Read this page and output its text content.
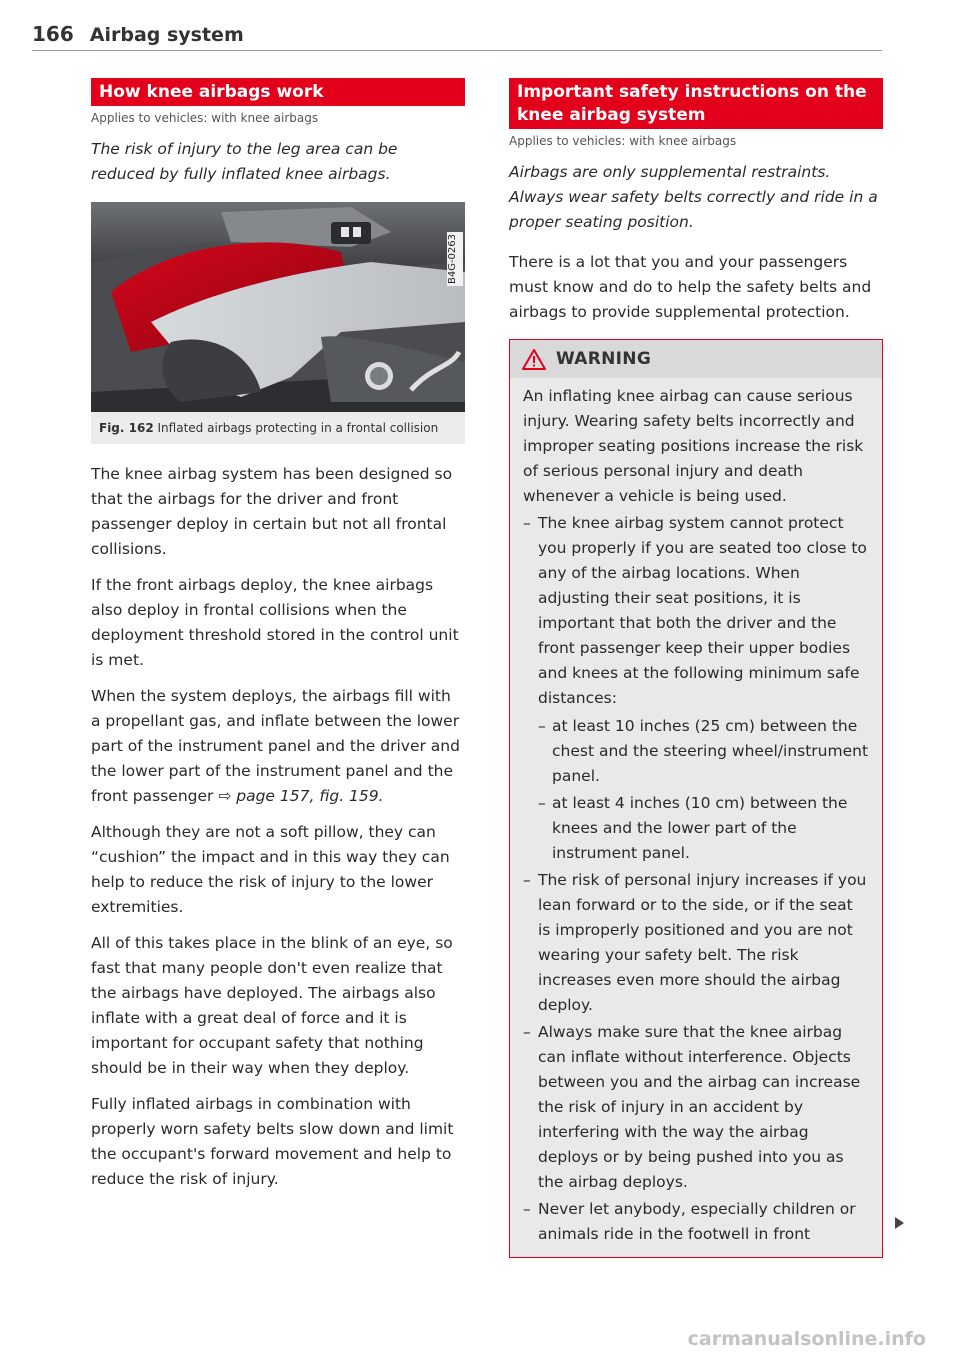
166 Airbag system
How knee airbags work
Applies to vehicles: with knee airbags

The risk of injury to the leg area can be reduced by fully inflated knee airbags.

B4G-0263
Fig. 162 Inflated airbags protecting in a frontal collision

The knee airbag system has been designed so that the airbags for the driver and front passenger deploy in certain but not all frontal collisions.

If the front airbags deploy, the knee airbags also deploy in frontal collisions when the deployment threshold stored in the control unit is met.

When the system deploys, the airbags fill with a propellant gas, and inflate between the lower part of the instrument panel and the driver and the lower part of the instrument panel and the front passenger ⇨ page 157, fig. 159.

Although they are not a soft pillow, they can “cushion” the impact and in this way they can help to reduce the risk of injury to the lower extremities.

All of this takes place in the blink of an eye, so fast that many people don't even realize that the airbags have deployed. The airbags also inflate with a great deal of force and it is important for occupant safety that nothing should be in their way when they deploy.

Fully inflated airbags in combination with properly worn safety belts slow down and limit the occupant's forward movement and help to reduce the risk of injury.

Important safety instructions on the knee airbag system
Applies to vehicles: with knee airbags

Airbags are only supplemental restraints. Always wear safety belts correctly and ride in a proper seating position.

There is a lot that you and your passengers must know and do to help the safety belts and airbags to provide supplemental protection.

WARNING

An inflating knee airbag can cause serious injury. Wearing safety belts incorrectly and improper seating positions increase the risk of serious personal injury and death whenever a vehicle is being used.

– The knee airbag system cannot protect you properly if you are seated too close to any of the airbag locations. When adjusting their seat positions, it is important that both the driver and the front passenger keep their upper bodies and knees at the following minimum safe distances:
– at least 10 inches (25 cm) between the chest and the steering wheel/instrument panel.
– at least 4 inches (10 cm) between the knees and the lower part of the instrument panel.
– The risk of personal injury increases if you lean forward or to the side, or if the seat is improperly positioned and you are not wearing your safety belt. The risk increases even more should the airbag deploy.
– Always make sure that the knee airbag can inflate without interference. Objects between you and the airbag can increase the risk of injury in an accident by interfering with the way the airbag deploys or by being pushed into you as the airbag deploys.
– Never let anybody, especially children or animals ride in the footwell in front
carmanualsonline.info
